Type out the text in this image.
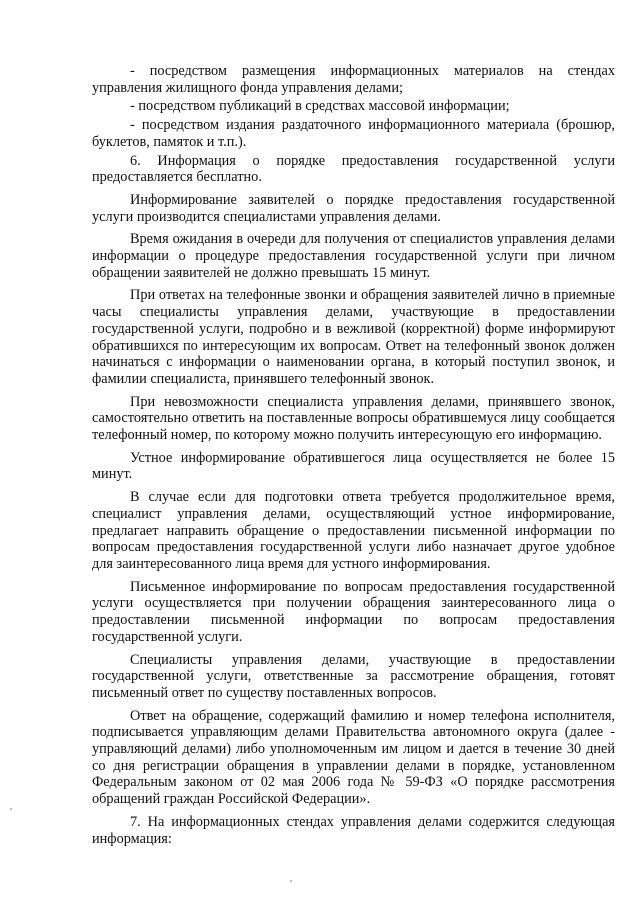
- посредством размещения информационных материалов на стендах управления жилищного фонда управления делами;

- посредством публикаций в средствах массовой информации;

- посредством издания раздаточного информационного материала (брошюр, буклетов, памяток и т.п.).

6. Информация о порядке предоставления государственной услуги предоставляется бесплатно.

Информирование заявителей о порядке предоставления государственной услуги производится специалистами управления делами.

Время ожидания в очереди для получения от специалистов управления делами информации о процедуре предоставления государственной услуги при личном обращении заявителей не должно превышать 15 минут.

При ответах на телефонные звонки и обращения заявителей лично в приемные часы специалисты управления делами, участвующие в предоставлении государственной услуги, подробно и в вежливой (корректной) форме информируют обратившихся по интересующим их вопросам. Ответ на телефонный звонок должен начинаться с информации о наименовании органа, в который поступил звонок, и фамилии специалиста, принявшего телефонный звонок.

При невозможности специалиста управления делами, принявшего звонок, самостоятельно ответить на поставленные вопросы обратившемуся лицу сообщается телефонный номер, по которому можно получить интересующую его информацию.

Устное информирование обратившегося лица осуществляется не более 15 минут.

В случае если для подготовки ответа требуется продолжительное время, специалист управления делами, осуществляющий устное информирование, предлагает направить обращение о предоставлении письменной информации по вопросам предоставления государственной услуги либо назначает другое удобное для заинтересованного лица время для устного информирования.

Письменное информирование по вопросам предоставления государственной услуги осуществляется при получении обращения заинтересованного лица о предоставлении письменной информации по вопросам предоставления государственной услуги.

Специалисты управления делами, участвующие в предоставлении государственной услуги, ответственные за рассмотрение обращения, готовят письменный ответ по существу поставленных вопросов.

Ответ на обращение, содержащий фамилию и номер телефона исполнителя, подписывается управляющим делами Правительства автономного округа (далее - управляющий делами) либо уполномоченным им лицом и дается в течение 30 дней со дня регистрации обращения в управлении делами в порядке, установленном Федеральным законом от 02 мая 2006 года № 59-ФЗ «О порядке рассмотрения обращений граждан Российской Федерации».

7. На информационных стендах управления делами содержится следующая информация:
